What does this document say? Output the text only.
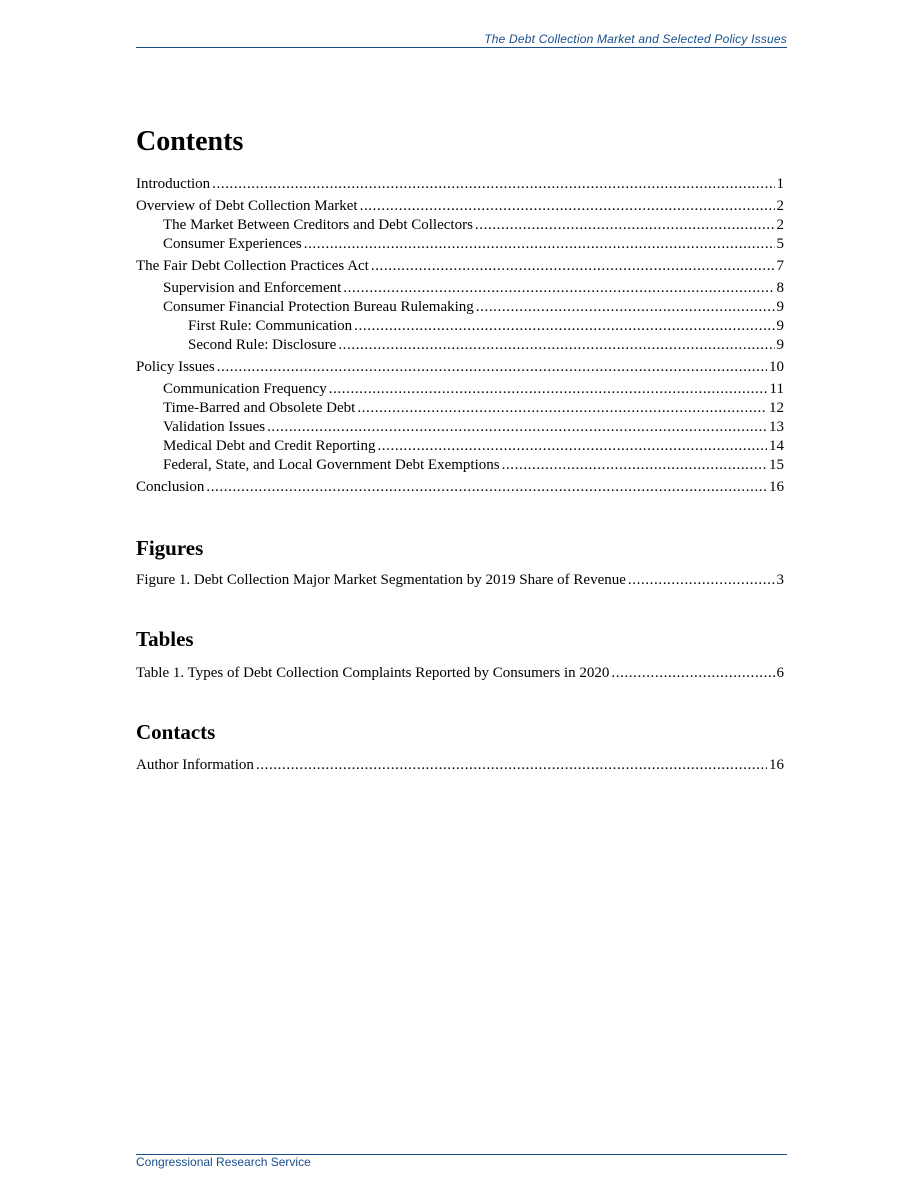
The Debt Collection Market and Selected Policy Issues
Contents
Introduction .....	1
Overview of Debt Collection Market .....	2
The Market Between Creditors and Debt Collectors .....	2
Consumer Experiences .....	5
The Fair Debt Collection Practices Act .....	7
Supervision and Enforcement .....	8
Consumer Financial Protection Bureau Rulemaking .....	9
First Rule: Communication .....	9
Second Rule: Disclosure .....	9
Policy Issues .....	10
Communication Frequency .....	11
Time-Barred and Obsolete Debt .....	12
Validation Issues .....	13
Medical Debt and Credit Reporting .....	14
Federal, State, and Local Government Debt Exemptions .....	15
Conclusion .....	16
Figures
Figure 1. Debt Collection Major Market Segmentation by 2019 Share of Revenue .....	3
Tables
Table 1. Types of Debt Collection Complaints Reported by Consumers in 2020 .....	6
Contacts
Author Information .....	16
Congressional Research Service
